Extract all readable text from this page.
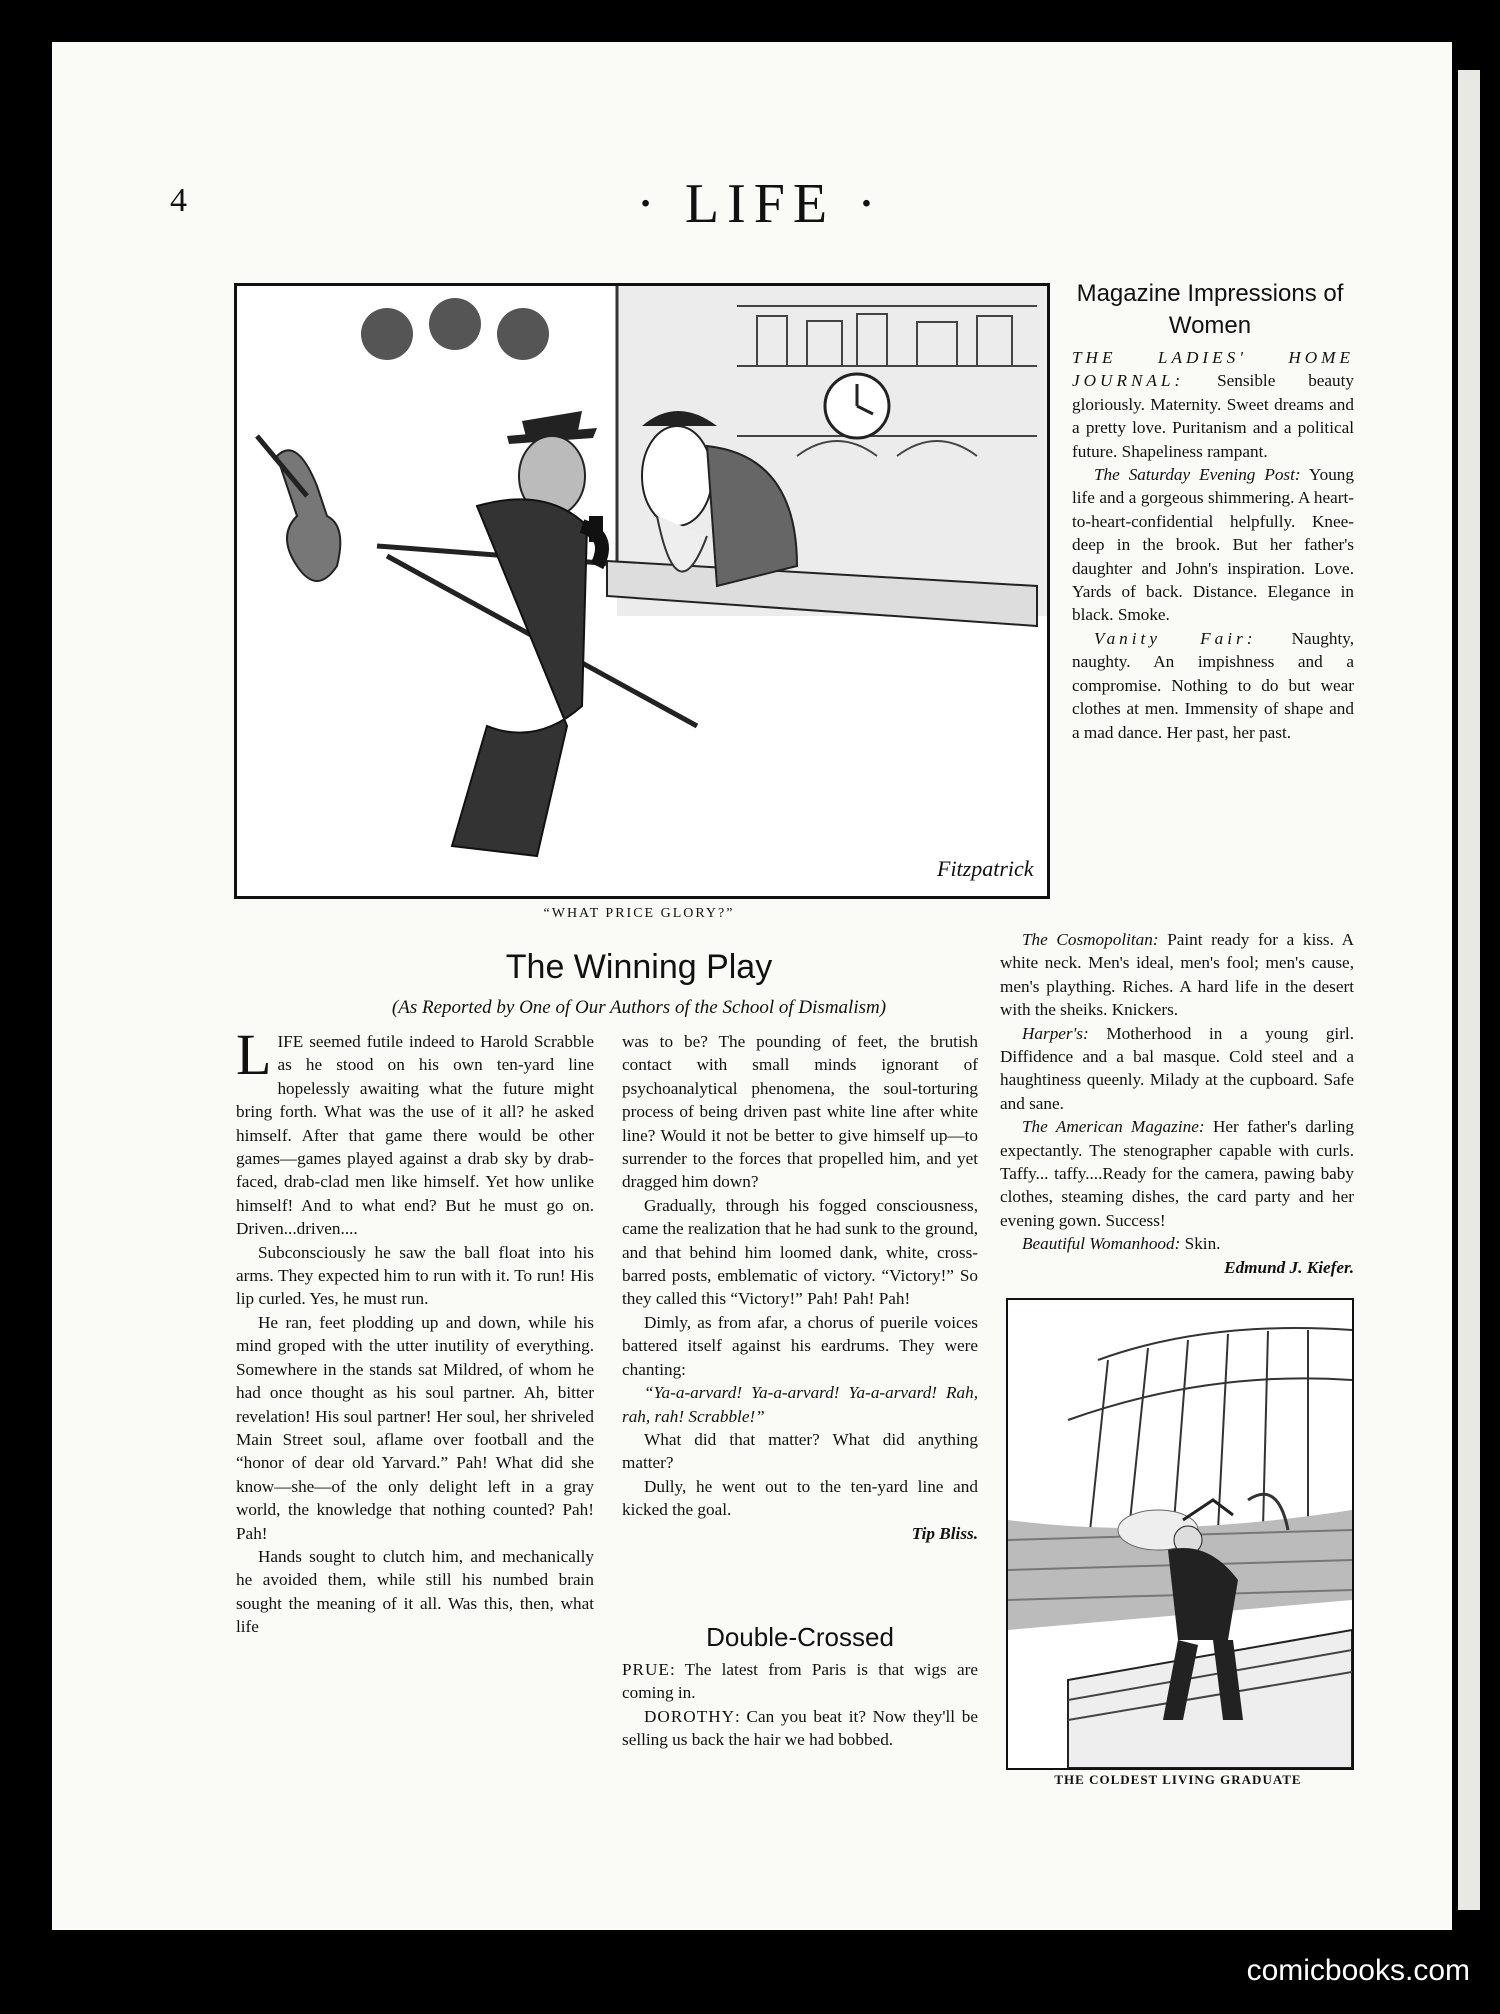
4	· LIFE ·
Fitzpatrick
“WHAT PRICE GLORY?”
The Winning Play
(As Reported by One of Our Authors of the School of Dismalism)

LIFE seemed futile indeed to Harold Scrabble as he stood on his own ten-yard line hopelessly awaiting what the future might bring forth. What was the use of it all? he asked himself. After that game there would be other games—games played against a drab sky by drab-faced, drab-clad men like himself. Yet how unlike himself! And to what end? But he must go on. Driven...driven....

Subconsciously he saw the ball float into his arms. They expected him to run with it. To run! His lip curled. Yes, he must run.

He ran, feet plodding up and down, while his mind groped with the utter inutility of everything. Somewhere in the stands sat Mildred, of whom he had once thought as his soul partner. Ah, bitter revelation! His soul partner! Her soul, her shriveled Main Street soul, aflame over football and the “honor of dear old Yarvard.” Pah! What did she know—she—of the only delight left in a gray world, the knowledge that nothing counted? Pah! Pah!

Hands sought to clutch him, and mechanically he avoided them, while still his numbed brain sought the meaning of it all. Was this, then, what life

was to be? The pounding of feet, the brutish contact with small minds ignorant of psychoanalytical phenomena, the soul-torturing process of being driven past white line after white line? Would it not be better to give himself up—to surrender to the forces that propelled him, and yet dragged him down?

Gradually, through his fogged consciousness, came the realization that he had sunk to the ground, and that behind him loomed dank, white, cross-barred posts, emblematic of victory. “Victory!” So they called this “Victory!” Pah! Pah! Pah!

Dimly, as from afar, a chorus of puerile voices battered itself against his eardrums. They were chanting:

“Ya-a-arvard! Ya-a-arvard! Ya-a-arvard! Rah, rah, rah! Scrabble!”

What did that matter? What did anything matter?

Dully, he went out to the ten-yard line and kicked the goal.

Tip Bliss.
Double-Crossed

PRUE: The latest from Paris is that wigs are coming in.

DOROTHY: Can you beat it? Now they'll be selling us back the hair we had bobbed.

Magazine Impressions of Women

THE LADIES' HOME JOURNAL: Sensible beauty gloriously. Maternity. Sweet dreams and a pretty love. Puritanism and a political future. Shapeliness rampant.

The Saturday Evening Post: Young life and a gorgeous shimmering. A heart-to-heart-confidential helpfully. Knee-deep in the brook. But her father's daughter and John's inspiration. Love. Yards of back. Distance. Elegance in black. Smoke.

Vanity Fair: Naughty, naughty. An impishness and a compromise. Nothing to do but wear clothes at men. Immensity of shape and a mad dance. Her past, her past.

The Cosmopolitan: Paint ready for a kiss. A white neck. Men's ideal, men's fool; men's cause, men's plaything. Riches. A hard life in the desert with the sheiks. Knickers.

Harper's: Motherhood in a young girl. Diffidence and a bal masque. Cold steel and a haughtiness queenly. Milady at the cupboard. Safe and sane.

The American Magazine: Her father's darling expectantly. The stenographer capable with curls. Taffy... taffy....Ready for the camera, pawing baby clothes, steaming dishes, the card party and her evening gown. Success!

Beautiful Womanhood: Skin.

Edmund J. Kiefer.
THE COLDEST LIVING GRADUATE
comicbooks.com
